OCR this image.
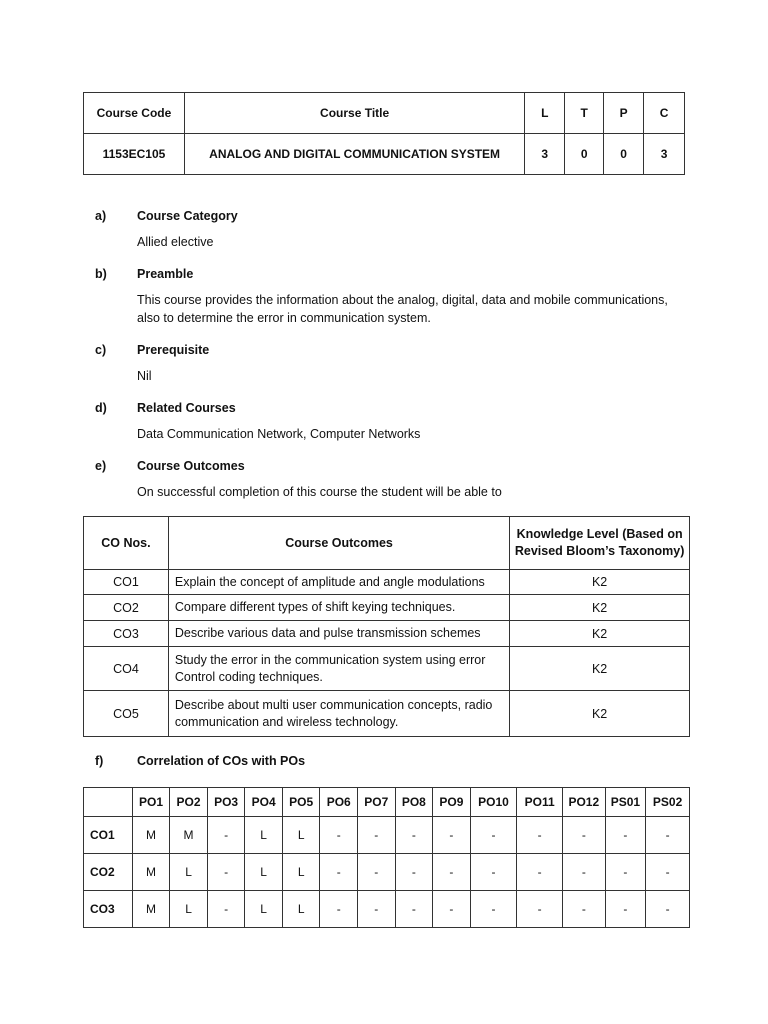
Course Code	Course Title	L	T	P	C
1153EC105	ANALOG AND DIGITAL COMMUNICATION SYSTEM	3	0	0	3
a) Course Category
Allied elective
b) Preamble
This course provides the information about the analog, digital, data and mobile communications, also to determine the error in communication system.
c) Prerequisite
Nil
d) Related Courses
Data Communication Network, Computer Networks
e) Course Outcomes
On successful completion of this course the student will be able to
CO Nos.	Course Outcomes	Knowledge Level (Based on Revised Bloom’s Taxonomy)
CO1	Explain the concept of amplitude and angle modulations	K2
CO2	Compare different types of shift keying techniques.	K2
CO3	Describe various data and pulse transmission schemes	K2
CO4	Study the error in the communication system using error Control coding techniques.	K2
CO5	Describe about multi user communication concepts, radio communication and wireless technology.	K2
f)	Correlation of COs with POs
	PO1	PO2	PO3	PO4	PO5	PO6	PO7	PO8	PO9	PO10	PO11	PO12	PS01	PS02
CO1	M	M	-	L	L	-	-	-	-	-	-	-	-	-
CO2	M	L	-	L	L	-	-	-	-	-	-	-	-	-
CO3	M	L	-	L	L	-	-	-	-	-	-	-	-	-
